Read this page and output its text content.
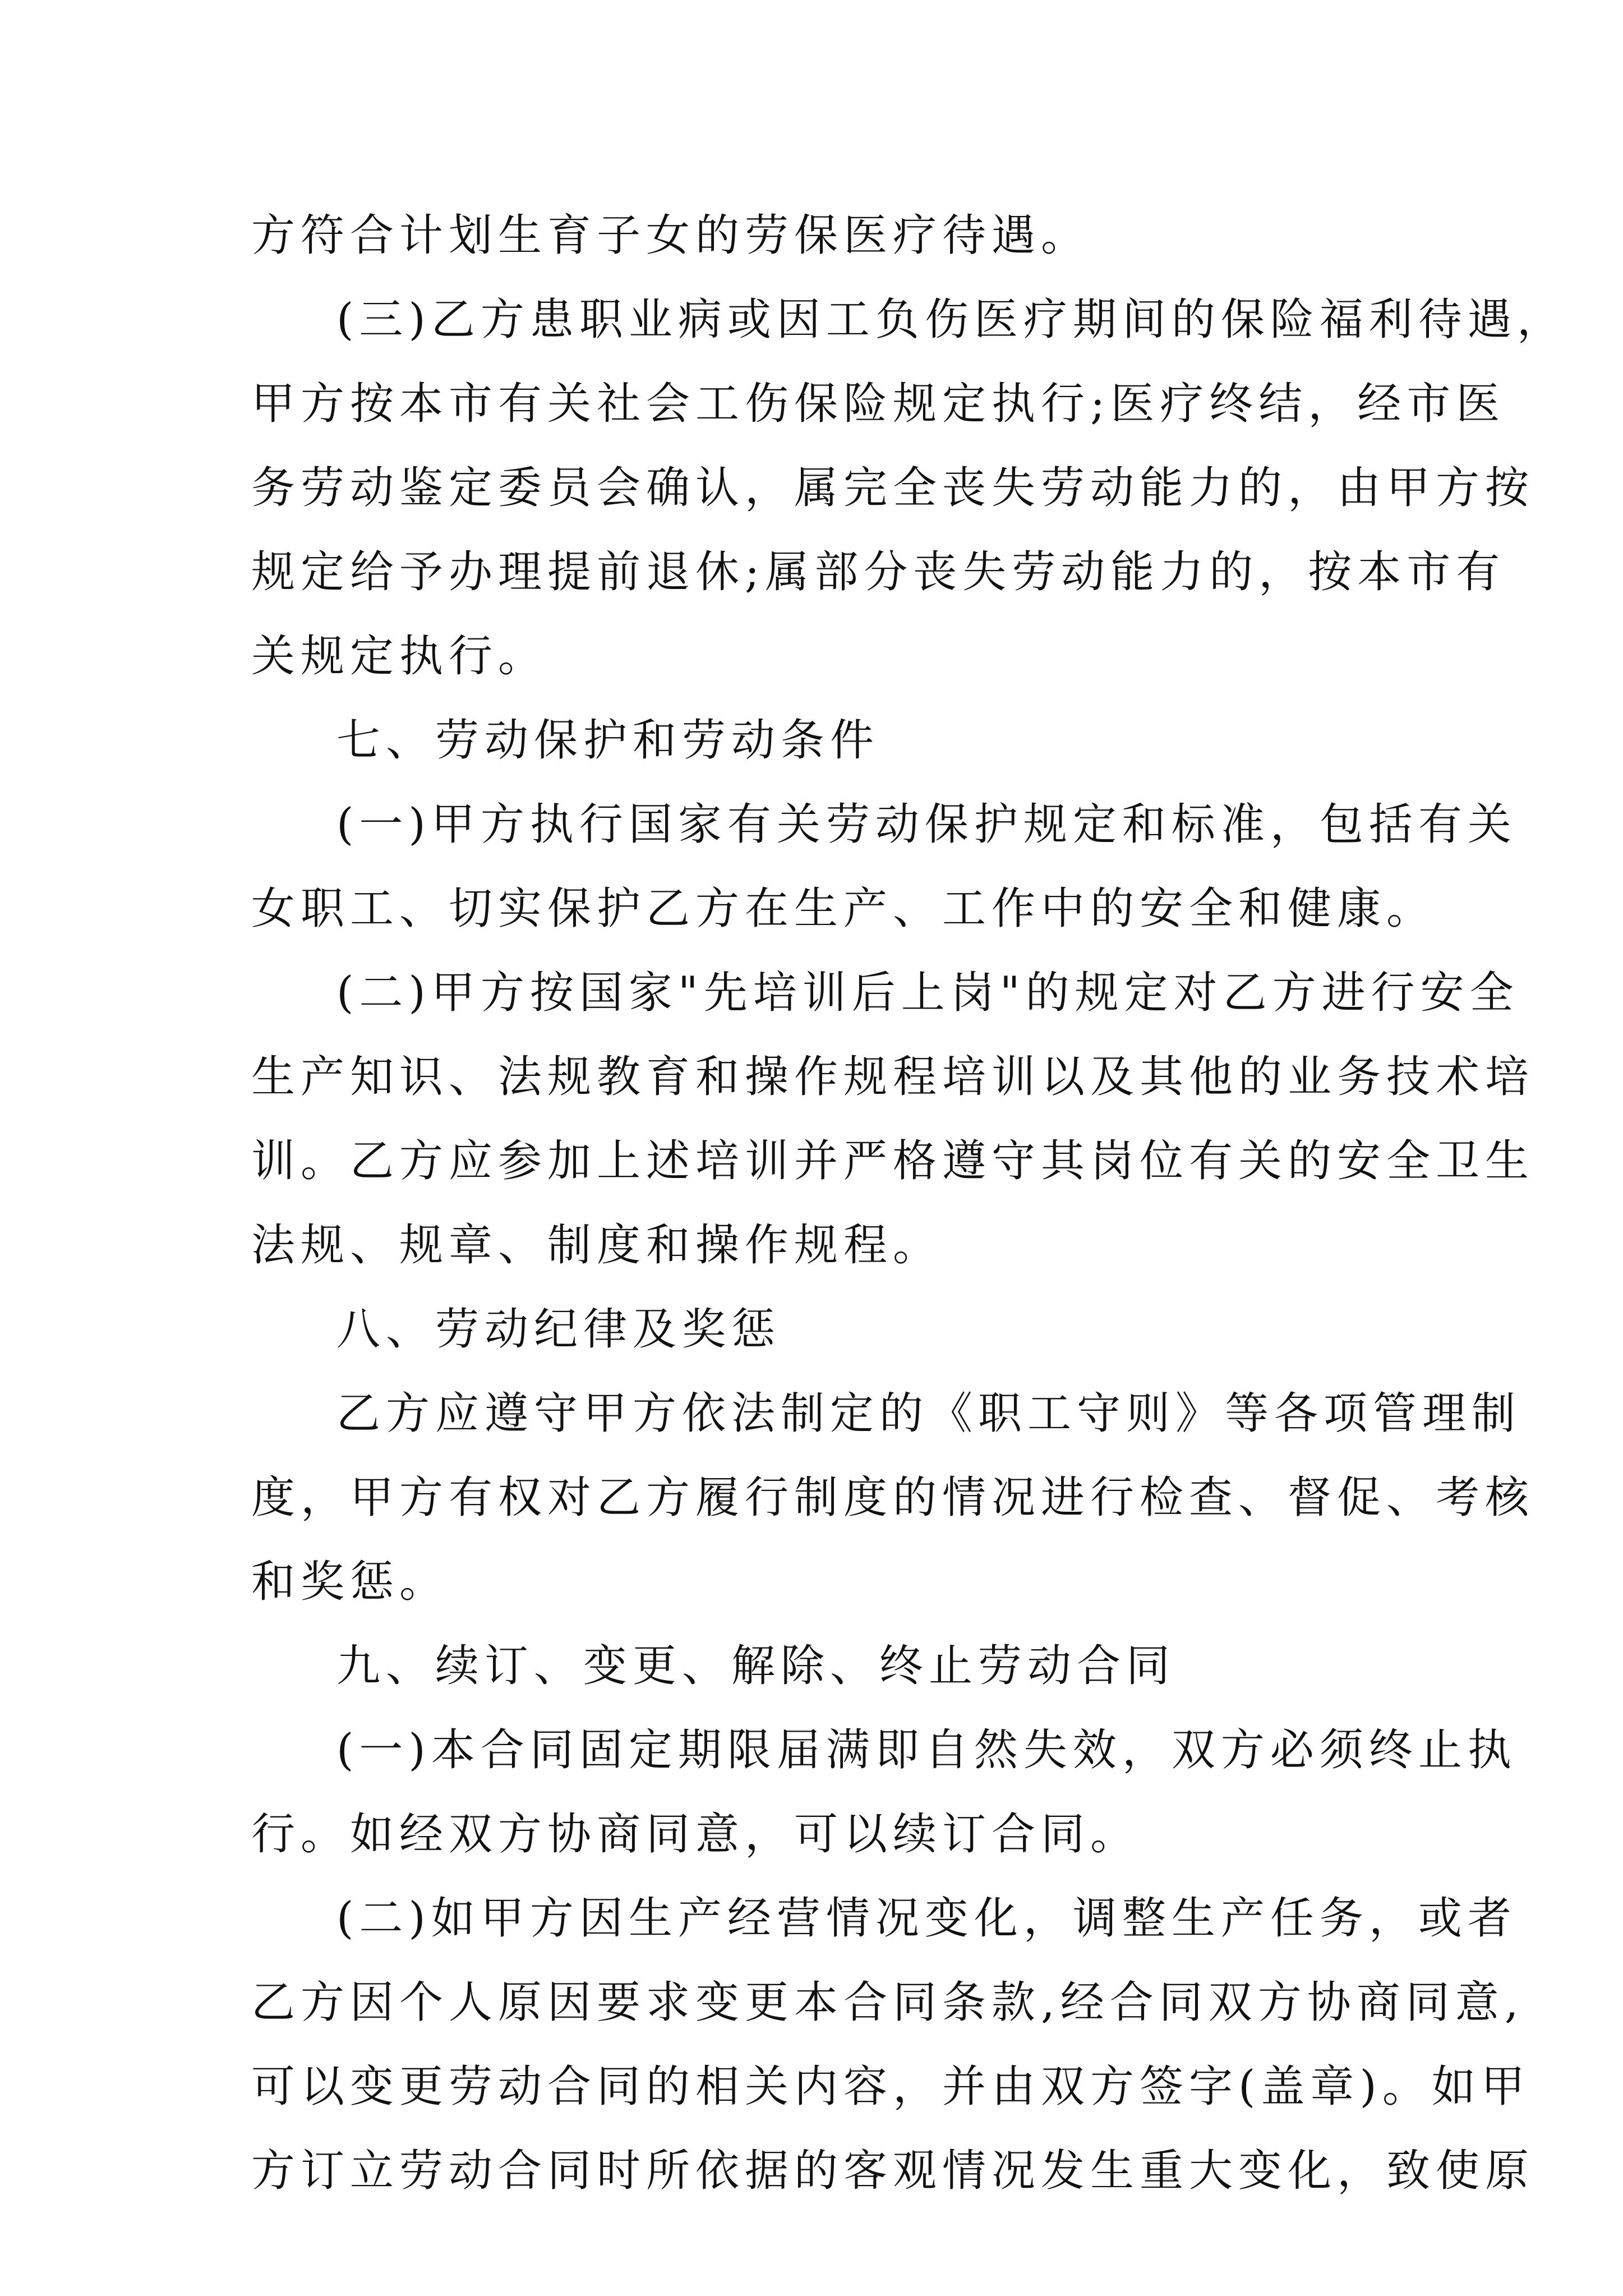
方符合计划生育子女的劳保医疗待遇。

(三)乙方患职业病或因工负伤医疗期间的保险福利待遇，

甲方按本市有关社会工伤保险规定执行;医疗终结，经市医

务劳动鉴定委员会确认，属完全丧失劳动能力的，由甲方按

规定给予办理提前退休;属部分丧失劳动能力的，按本市有

关规定执行。

七、劳动保护和劳动条件

(一)甲方执行国家有关劳动保护规定和标准，包括有关

女职工、切实保护乙方在生产、工作中的安全和健康。

(二)甲方按国家"先培训后上岗"的规定对乙方进行安全

生产知识、法规教育和操作规程培训以及其他的业务技术培

训。乙方应参加上述培训并严格遵守其岗位有关的安全卫生

法规、规章、制度和操作规程。

八、劳动纪律及奖惩

乙方应遵守甲方依法制定的《职工守则》等各项管理制

度，甲方有权对乙方履行制度的情况进行检查、督促、考核

和奖惩。

九、续订、变更、解除、终止劳动合同

(一)本合同固定期限届满即自然失效，双方必须终止执

行。如经双方协商同意，可以续订合同。

(二)如甲方因生产经营情况变化，调整生产任务，或者

乙方因个人原因要求变更本合同条款,经合同双方协商同意,

可以变更劳动合同的相关内容，并由双方签字(盖章)。如甲

方订立劳动合同时所依据的客观情况发生重大变化，致使原
